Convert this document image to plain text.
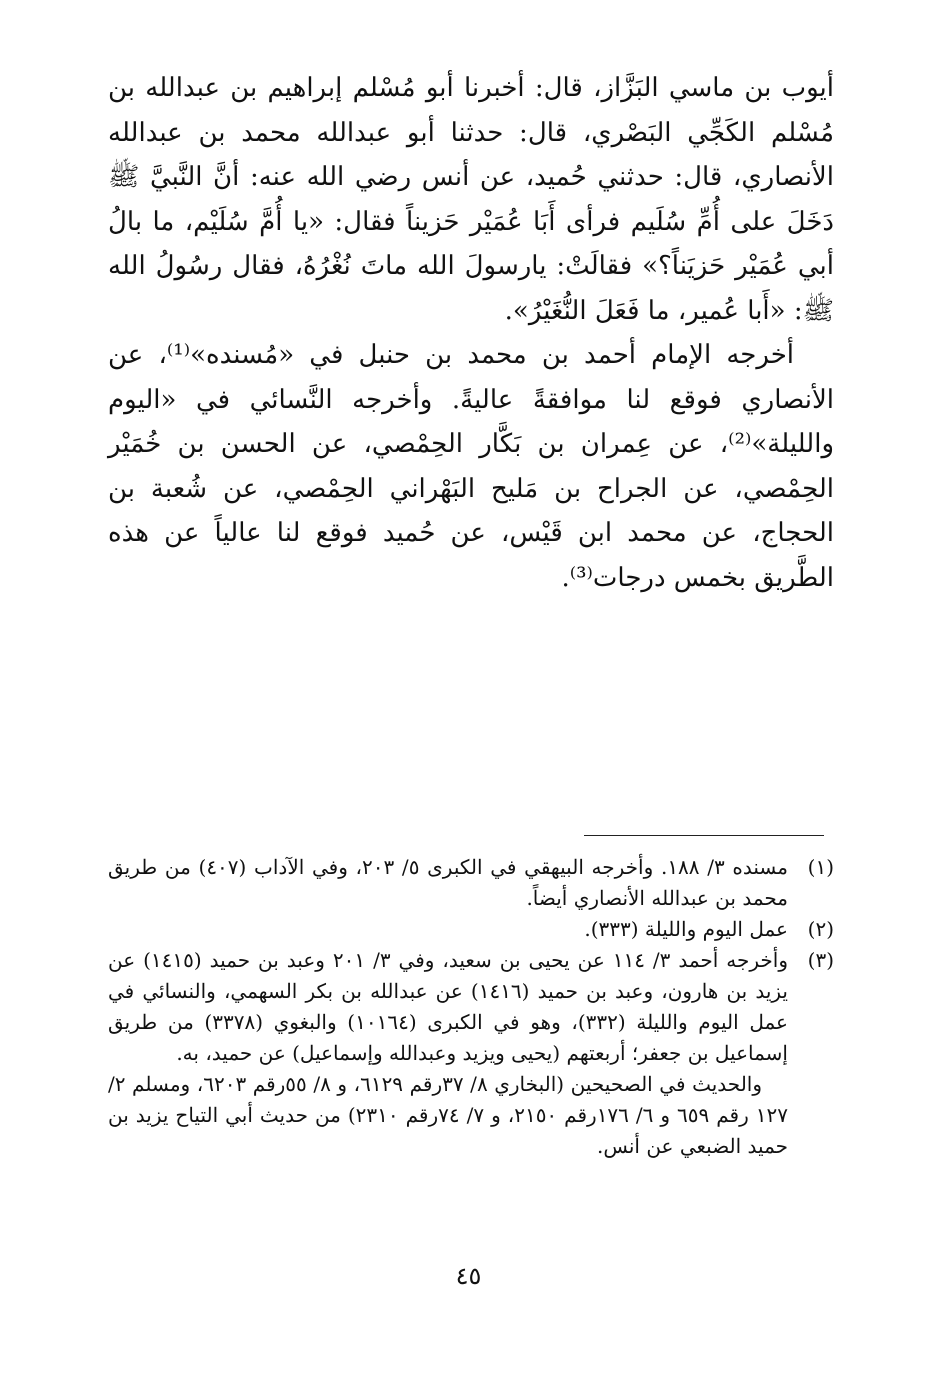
أيوب بن ماسي البَزَّاز، قال: أخبرنا أبو مُسْلم إبراهيم بن عبدالله بن مُسْلم الكَجِّي البَصْري، قال: حدثنا أبو عبدالله محمد بن عبدالله الأنصاري، قال: حدثني حُميد، عن أنس رضي الله عنه: أنَّ النَّبيَّ ﷺ دَخَلَ على أُمِّ سُلَيم فرأى أَبَا عُمَيْر حَزيناً فقال: «يا أُمَّ سُلَيْم، ما بالُ أبي عُمَيْر حَزيَناً؟» فقالَتْ: يارسولَ الله ماتَ نُغْرُهُ، فقال رسُولُ الله ﷺ: «أَبا عُمير، ما فَعَلَ النُّغَيْرُ».

أخرجه الإمام أحمد بن محمد بن حنبل في «مُسنده»⁽¹⁾، عن الأنصاري فوقع لنا موافقةً عاليةً. وأخرجه النَّسائي في «اليوم والليلة»⁽²⁾، عن عِمران بن بَكَّار الحِمْصي، عن الحسن بن خُمَيْر الحِمْصي، عن الجراح بن مَليح البَهْراني الحِمْصي، عن شُعبة بن الحجاج، عن محمد ابن قَيْس، عن حُميد فوقع لنا عالياً عن هذه الطَّريق بخمس درجات⁽³⁾.

(١)

مسنده ٣/ ١٨٨. وأخرجه البيهقي في الكبرى ٥/ ٢٠٣، وفي الآداب (٤٠٧) من طريق محمد بن عبدالله الأنصاري أيضاً.

(٢)

عمل اليوم والليلة (٣٣٣).

(٣)

وأخرجه أحمد ٣/ ١١٤ عن يحيى بن سعيد، وفي ٣/ ٢٠١ وعبد بن حميد (١٤١٥) عن يزيد بن هارون، وعبد بن حميد (١٤١٦) عن عبدالله بن بكر السهمي، والنسائي في عمل اليوم والليلة (٣٣٢)، وهو في الكبرى (١٠١٦٤) والبغوي (٣٣٧٨) من طريق إسماعيل بن جعفر؛ أربعتهم (يحيى ويزيد وعبدالله وإسماعيل) عن حميد، به.

والحديث في الصحيحين (البخاري ٨/ ٣٧رقم ٦١٢٩، و ٨/ ٥٥رقم ٦٢٠٣، ومسلم ٢/ ١٢٧ رقم ٦٥٩ و ٦/ ١٧٦رقم ٢١٥٠، و ٧/ ٧٤رقم ٢٣١٠) من حديث أبي التياح يزيد بن حميد الضبعي عن أنس.

٤٥
